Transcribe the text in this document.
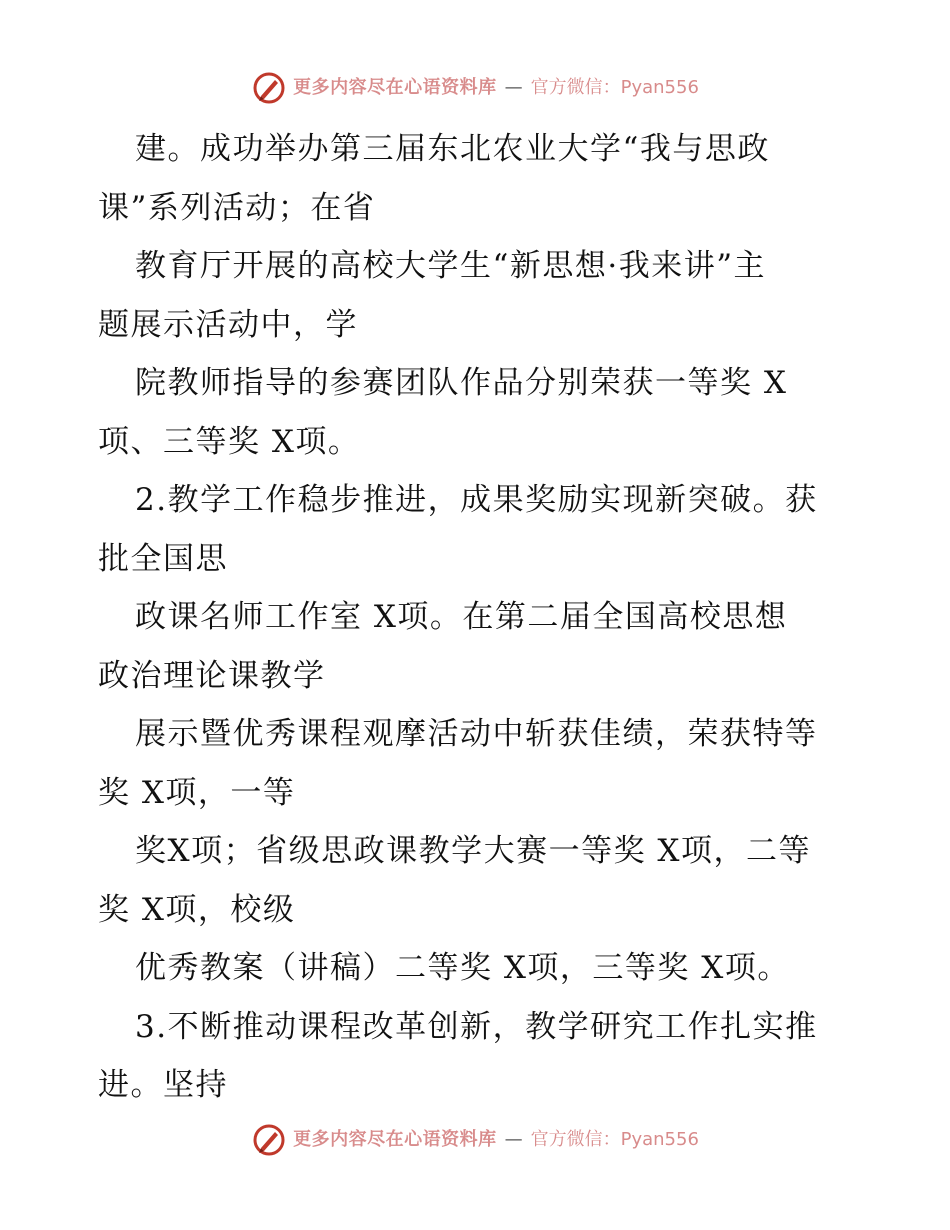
更多内容尽在心语资料库 — 官方微信：Pyan556

建。成功举办第三届东北农业大学“我与思政

课”系列活动；在省

教育厅开展的高校大学生“新思想·我来讲”主

题展示活动中，学

院教师指导的参赛团队作品分别荣获一等奖 X

项、三等奖 X项。

2.教学工作稳步推进，成果奖励实现新突破。获

批全国思

政课名师工作室 X项。在第二届全国高校思想

政治理论课教学

展示暨优秀课程观摩活动中斩获佳绩，荣获特等

奖 X项，一等

奖X项；省级思政课教学大赛一等奖 X项，二等

奖 X项，校级

优秀教案（讲稿）二等奖 X项，三等奖 X项。

3.不断推动课程改革创新，教学研究工作扎实推

进。坚持

更多内容尽在心语资料库 — 官方微信：Pyan556
